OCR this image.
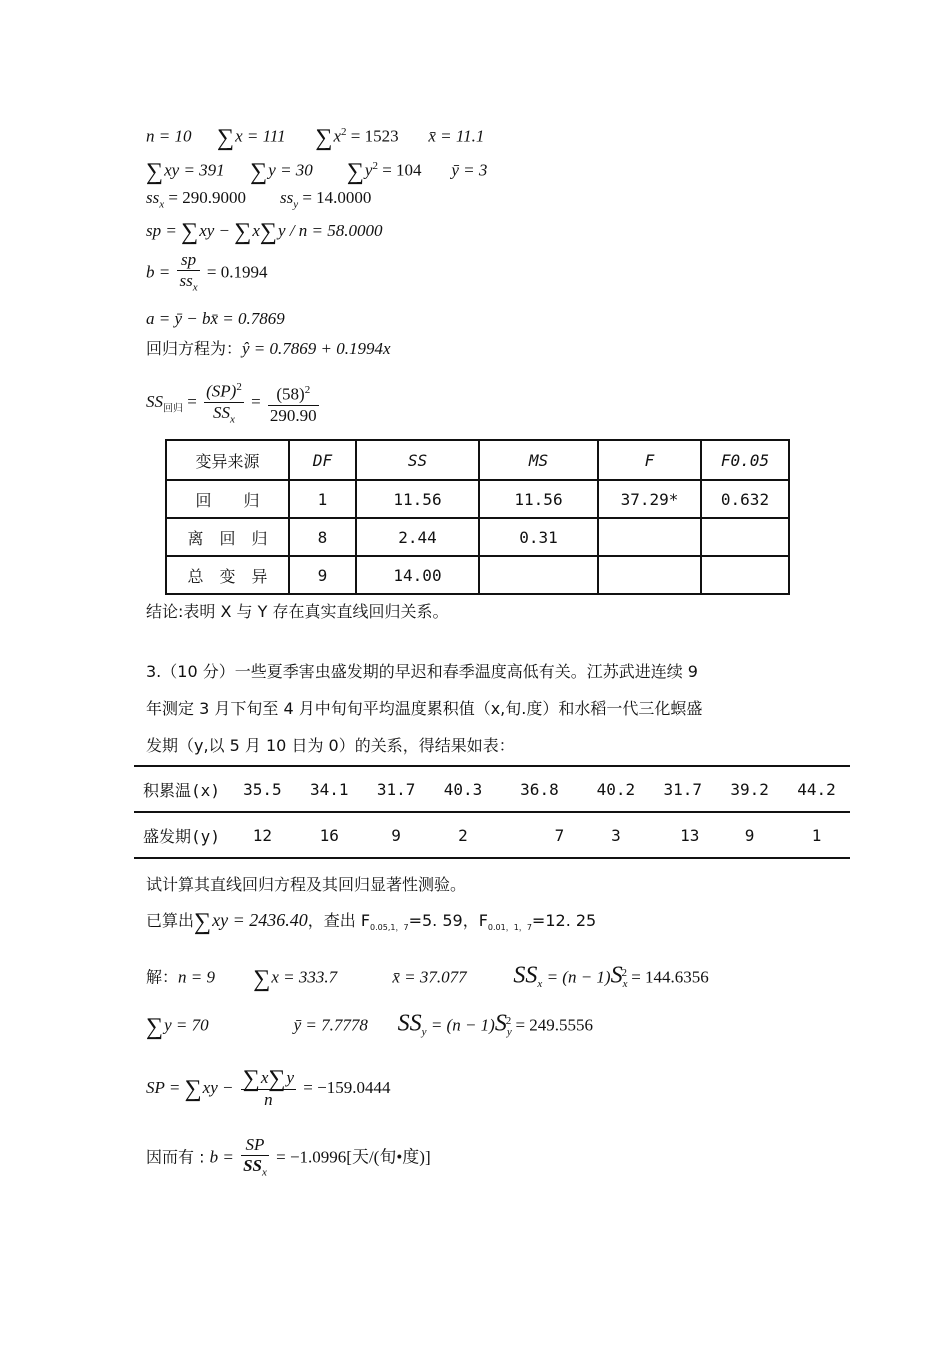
n = 10 ∑x = 111 $\sum x^2 = 1523$ x̄ = 11.1
∑xy = 391 ∑y = 30 $\sum y^2 = 104$ ȳ = 3
$ss_x = 290.9000$ $ss_y = 14.0000$
sp = ∑xy − ∑x∑y / n = 58.0000
$b = \frac{sp}{ss_x} = 0.1994$
a = ȳ − bx̄ = 0.7869
回归方程为：ŷ = 0.7869 + 0.1994x
$SS_{回归} = \frac{(SP)^2}{SS_x} = \frac{(58)^2}{290.90}$
变异来源	DF	SS	MS	F	F0.05
回　　归	1	11.56	11.56	37.29*	0.632
离　回　归	8	2.44	0.31		
总　变　异	9	14.00			
结论:表明 X 与 Y 存在真实直线回归关系。
3.（10 分）一些夏季害虫盛发期的早迟和春季温度高低有关。江苏武进连续 9
年测定 3 月下旬至 4 月中旬旬平均温度累积值（x,旬.度）和水稻一代三化螟盛
发期（y,以 5 月 10 日为 0）的关系，得结果如表：
积累温(x)	35.5	34.1	31.7	40.3	36.8	40.2	31.7	39.2	44.2
盛发期(y)	12	16	9	2	7	3	13	9	1
试计算其直线回归方程及其回归显著性测验。
已算出∑xy = 2436.40，查出 $F_{0.05,1,7}=5$. 59，$F_{0.01,1,7}=12$. 25
解：n = 9 ∑x = 333.7	x̄ = 37.077 $SS_x = (n - 1)S_x^2 = 144.6356$
∑y = 70	ȳ = 7.7778 $SS_y = (n - 1)S_y^2 = 249.5556$
SP = $\sum xy - \frac{\sum x\sum y}{n} = -159.0444$
因而有 : $b = \frac{SP}{SS_x} = -1.0996$[天/(旬•度)]
